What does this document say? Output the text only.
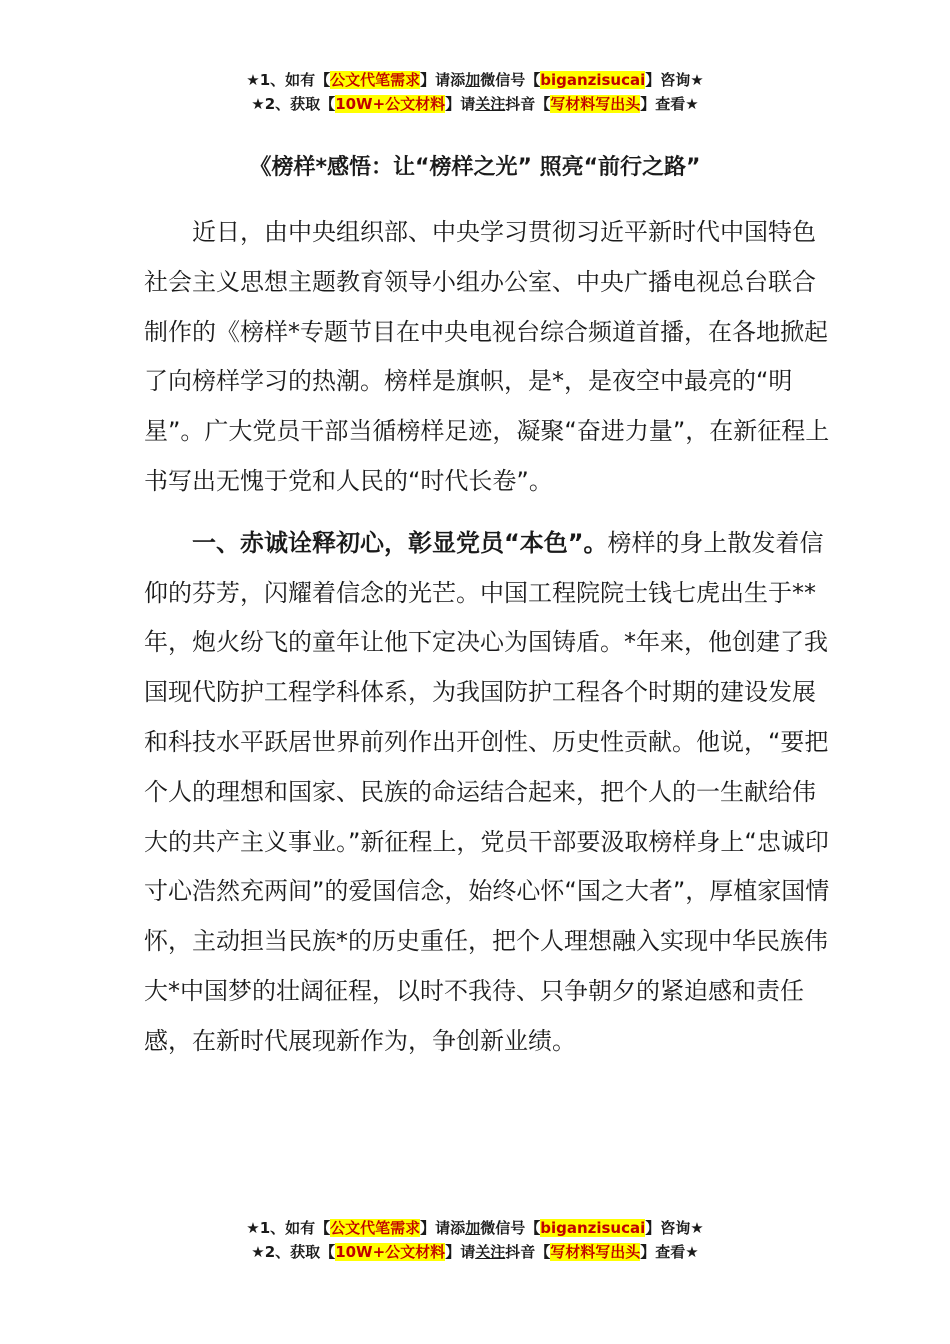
★1、如有【公文代笔需求】请添加微信号【biganzisucai】咨询★
★2、获取【10W+公文材料】请关注抖音【写材料写出头】查看★
《榜样*感悟：让“榜样之光” 照亮“前行之路”

近日，由中央组织部、中央学习贯彻习近平新时代中国特色社会主义思想主题教育领导小组办公室、中央广播电视总台联合制作的《榜样*专题节目在中央电视台综合频道首播，在各地掀起了向榜样学习的热潮。榜样是旗帜，是*，是夜空中最亮的“明星”。广大党员干部当循榜样足迹，凝聚“奋进力量”，在新征程上书写出无愧于党和人民的“时代长卷”。

一、赤诚诠释初心，彰显党员“本色”。榜样的身上散发着信仰的芬芳，闪耀着信念的光芒。中国工程院院士钱七虎出生于**年，炮火纷飞的童年让他下定决心为国铸盾。*年来，他创建了我国现代防护工程学科体系，为我国防护工程各个时期的建设发展和科技水平跃居世界前列作出开创性、历史性贡献。他说，“要把个人的理想和国家、民族的命运结合起来，把个人的一生献给伟大的共产主义事业。”新征程上，党员干部要汲取榜样身上“忠诚印寸心浩然充两间”的爱国信念，始终心怀“国之大者”，厚植家国情怀，主动担当民族*的历史重任，把个人理想融入实现中华民族伟大*中国梦的壮阔征程，以时不我待、只争朝夕的紧迫感和责任感，在新时代展现新作为，争创新业绩。

★1、如有【公文代笔需求】请添加微信号【biganzisucai】咨询★
★2、获取【10W+公文材料】请关注抖音【写材料写出头】查看★
